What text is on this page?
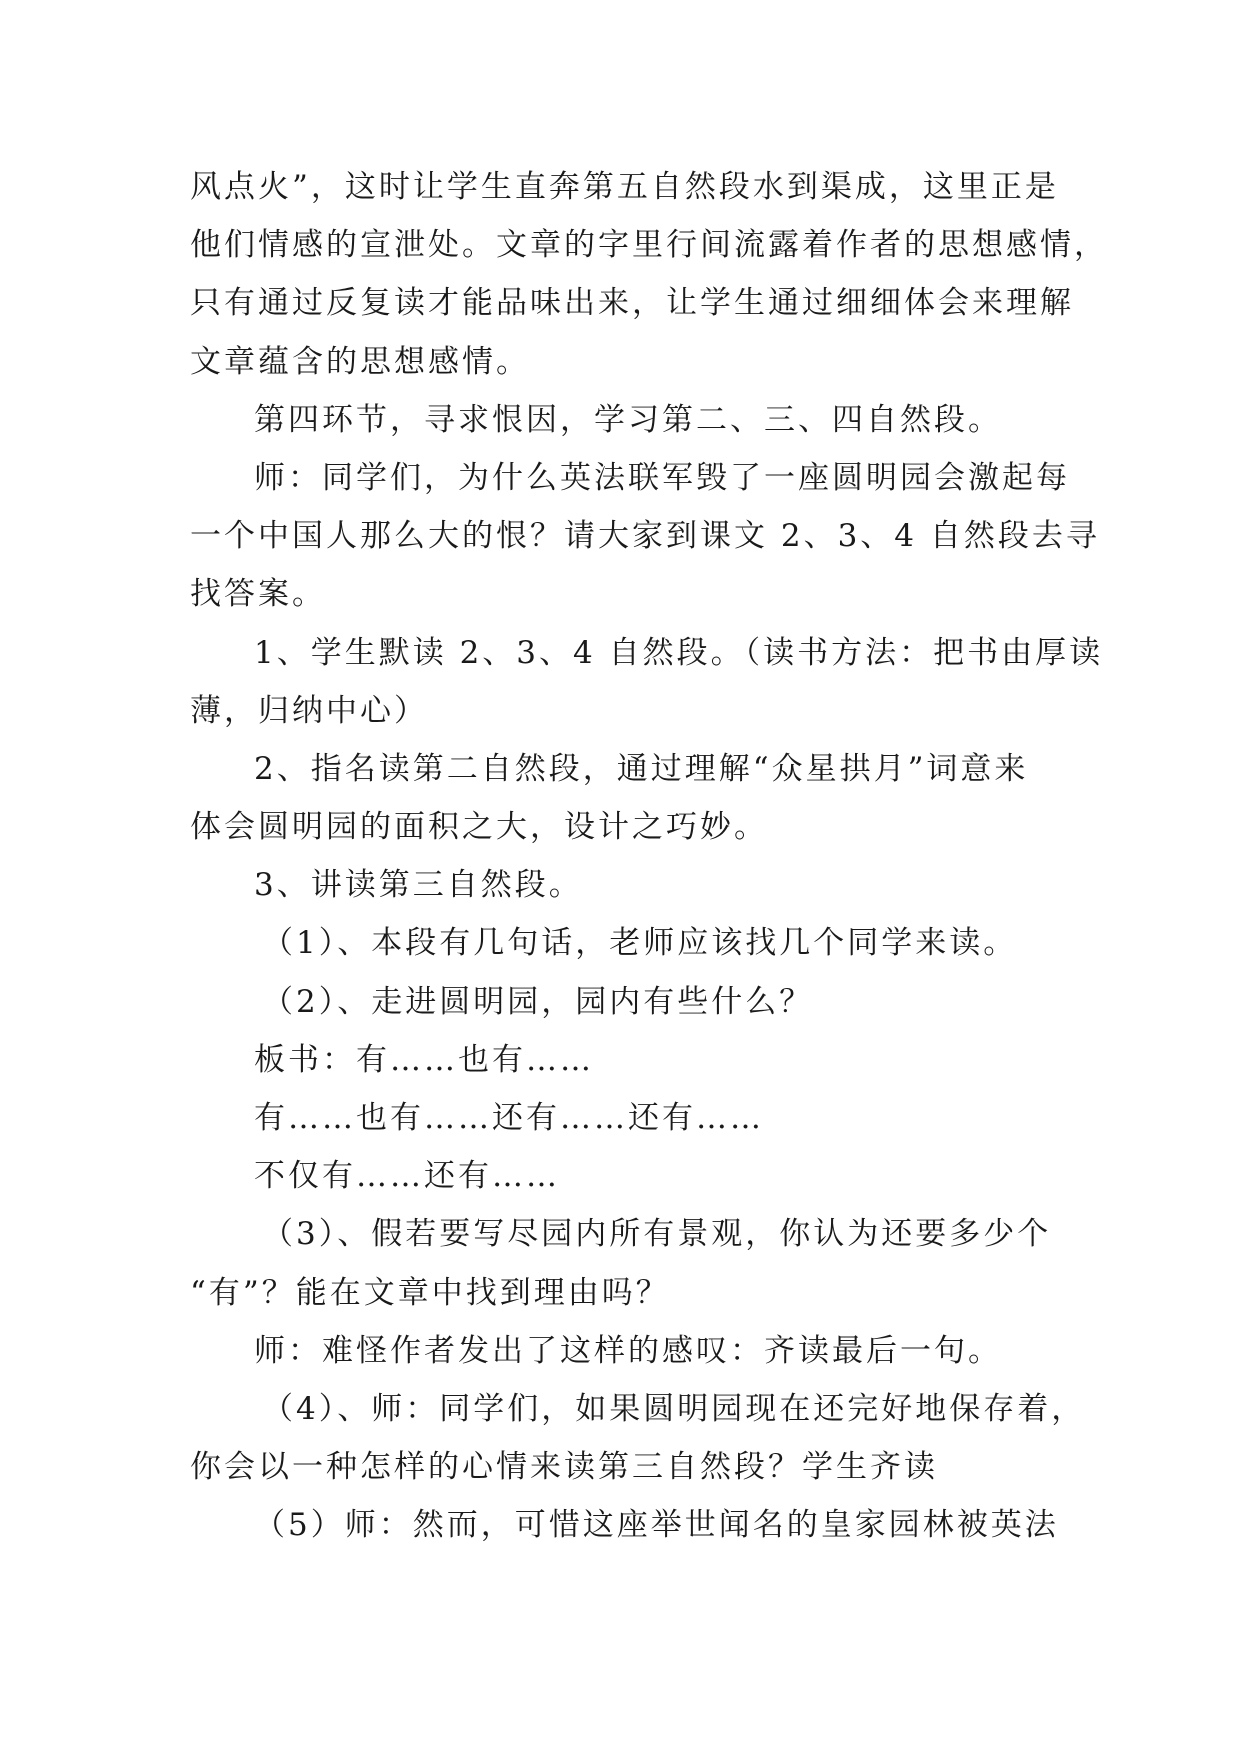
风点火”，这时让学生直奔第五自然段水到渠成，这里正是
他们情感的宣泄处。文章的字里行间流露着作者的思想感情，
只有通过反复读才能品味出来，让学生通过细细体会来理解
文章蕴含的思想感情。
第四环节，寻求恨因，学习第二、三、四自然段。
师：同学们，为什么英法联军毁了一座圆明园会激起每
一个中国人那么大的恨？请大家到课文 2、3、4 自然段去寻
找答案。
1、学生默读 2、3、4 自然段。（读书方法：把书由厚读
薄，归纳中心）
2、指名读第二自然段，通过理解“众星拱月”词意来
体会圆明园的面积之大，设计之巧妙。
3、讲读第三自然段。
（1）、本段有几句话，老师应该找几个同学来读。
（2）、走进圆明园，园内有些什么？
板书：有……也有……
有……也有……还有……还有……
不仅有……还有……
（3）、假若要写尽园内所有景观，你认为还要多少个
“有”？能在文章中找到理由吗？
师：难怪作者发出了这样的感叹：齐读最后一句。
（4）、师：同学们，如果圆明园现在还完好地保存着，
你会以一种怎样的心情来读第三自然段？学生齐读
（5）师：然而，可惜这座举世闻名的皇家园林被英法
